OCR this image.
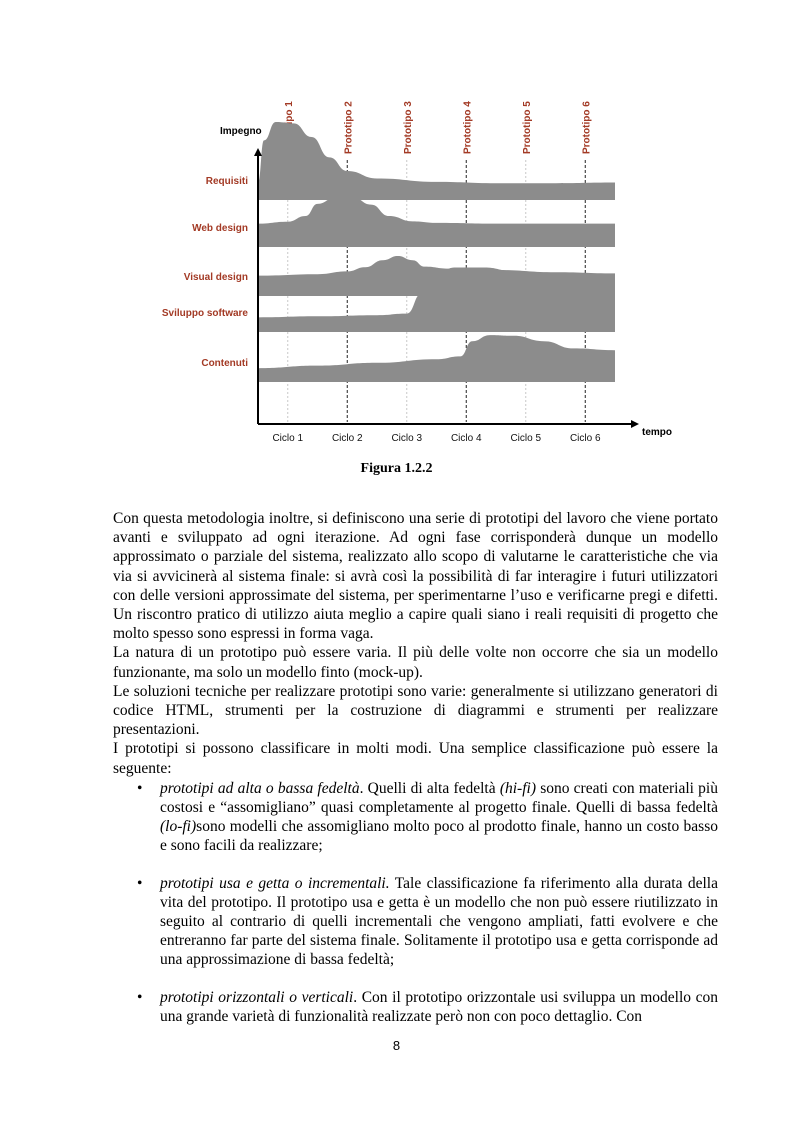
Prototipo 2	Prototipo 3	Prototipo 4	Prototipo 5	Prototipo 6
Requisiti
Web design
Visual design
Sviluppo software
Contenuti
Impegno
tempo
Ciclo 1	Ciclo 2	Ciclo 3	Ciclo 4	Ciclo 5	Ciclo 6
Figura 1.2.2

Con questa metodologia inoltre, si definiscono una serie di prototipi del lavoro che viene portato avanti e sviluppato ad ogni iterazione. Ad ogni fase corrisponderà dunque un modello approssimato o parziale del sistema, realizzato allo scopo di valutarne le caratteristiche che via via si avvicinerà al sistema finale: si avrà così la possibilità di far interagire i futuri utilizzatori con delle versioni approssimate del sistema, per sperimentarne l’uso e verificarne pregi e difetti. Un riscontro pratico di utilizzo aiuta meglio a capire quali siano i reali requisiti di progetto che molto spesso sono espressi in forma vaga.

La natura di un prototipo può essere varia. Il più delle volte non occorre che sia un modello funzionante, ma solo un modello finto (mock-up).

Le soluzioni tecniche per realizzare prototipi sono varie: generalmente si utilizzano generatori di codice HTML, strumenti per la costruzione di diagrammi e strumenti per realizzare presentazioni.

I prototipi si possono classificare in molti modi. Una semplice classificazione può essere la seguente:

• prototipi ad alta o bassa fedeltà. Quelli di alta fedeltà (hi-fi) sono creati con materiali più costosi e “assomigliano” quasi completamente al progetto finale. Quelli di bassa fedeltà (lo-fi)sono modelli che assomigliano molto poco al prodotto finale, hanno un costo basso e sono facili da realizzare;
• prototipi usa e getta o incrementali. Tale classificazione fa riferimento alla durata della vita del prototipo. Il prototipo usa e getta è un modello che non può essere riutilizzato in seguito al contrario di quelli incrementali che vengono ampliati, fatti evolvere e che entreranno far parte del sistema finale. Solitamente il prototipo usa e getta corrisponde ad una approssimazione di bassa fedeltà;
• prototipi orizzontali o verticali. Con il prototipo orizzontale usi sviluppa un modello con una grande varietà di funzionalità realizzate però non con poco dettaglio. Con
8
